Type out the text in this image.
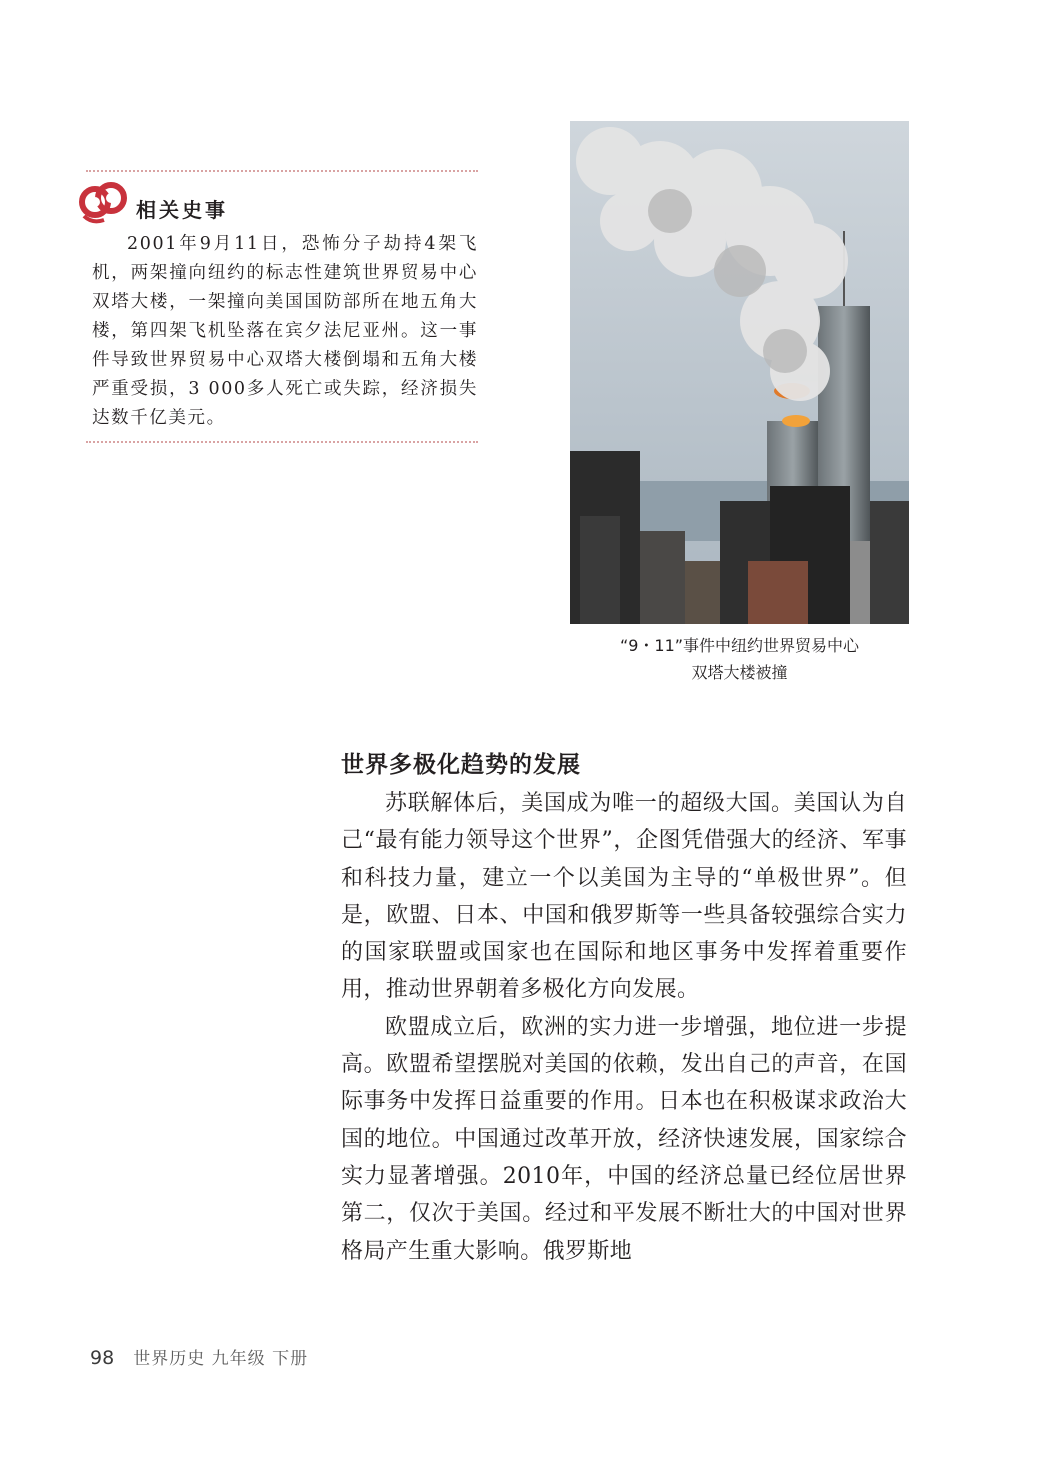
相关史事
2001年9月11日，恐怖分子劫持4架飞机，两架撞向纽约的标志性建筑世界贸易中心双塔大楼，一架撞向美国国防部所在地五角大楼，第四架飞机坠落在宾夕法尼亚州。这一事件导致世界贸易中心双塔大楼倒塌和五角大楼严重受损，3 000多人死亡或失踪，经济损失达数千亿美元。
“9・11”事件中纽约世界贸易中心
双塔大楼被撞
世界多极化趋势的发展

苏联解体后，美国成为唯一的超级大国。美国认为自己“最有能力领导这个世界”，企图凭借强大的经济、军事和科技力量，建立一个以美国为主导的“单极世界”。但是，欧盟、日本、中国和俄罗斯等一些具备较强综合实力的国家联盟或国家也在国际和地区事务中发挥着重要作用，推动世界朝着多极化方向发展。

欧盟成立后，欧洲的实力进一步增强，地位进一步提高。欧盟希望摆脱对美国的依赖，发出自己的声音，在国际事务中发挥日益重要的作用。日本也在积极谋求政治大国的地位。中国通过改革开放，经济快速发展，国家综合实力显著增强。2010年，中国的经济总量已经位居世界第二，仅次于美国。经过和平发展不断壮大的中国对世界格局产生重大影响。俄罗斯地

98 世界历史 九年级 下册
